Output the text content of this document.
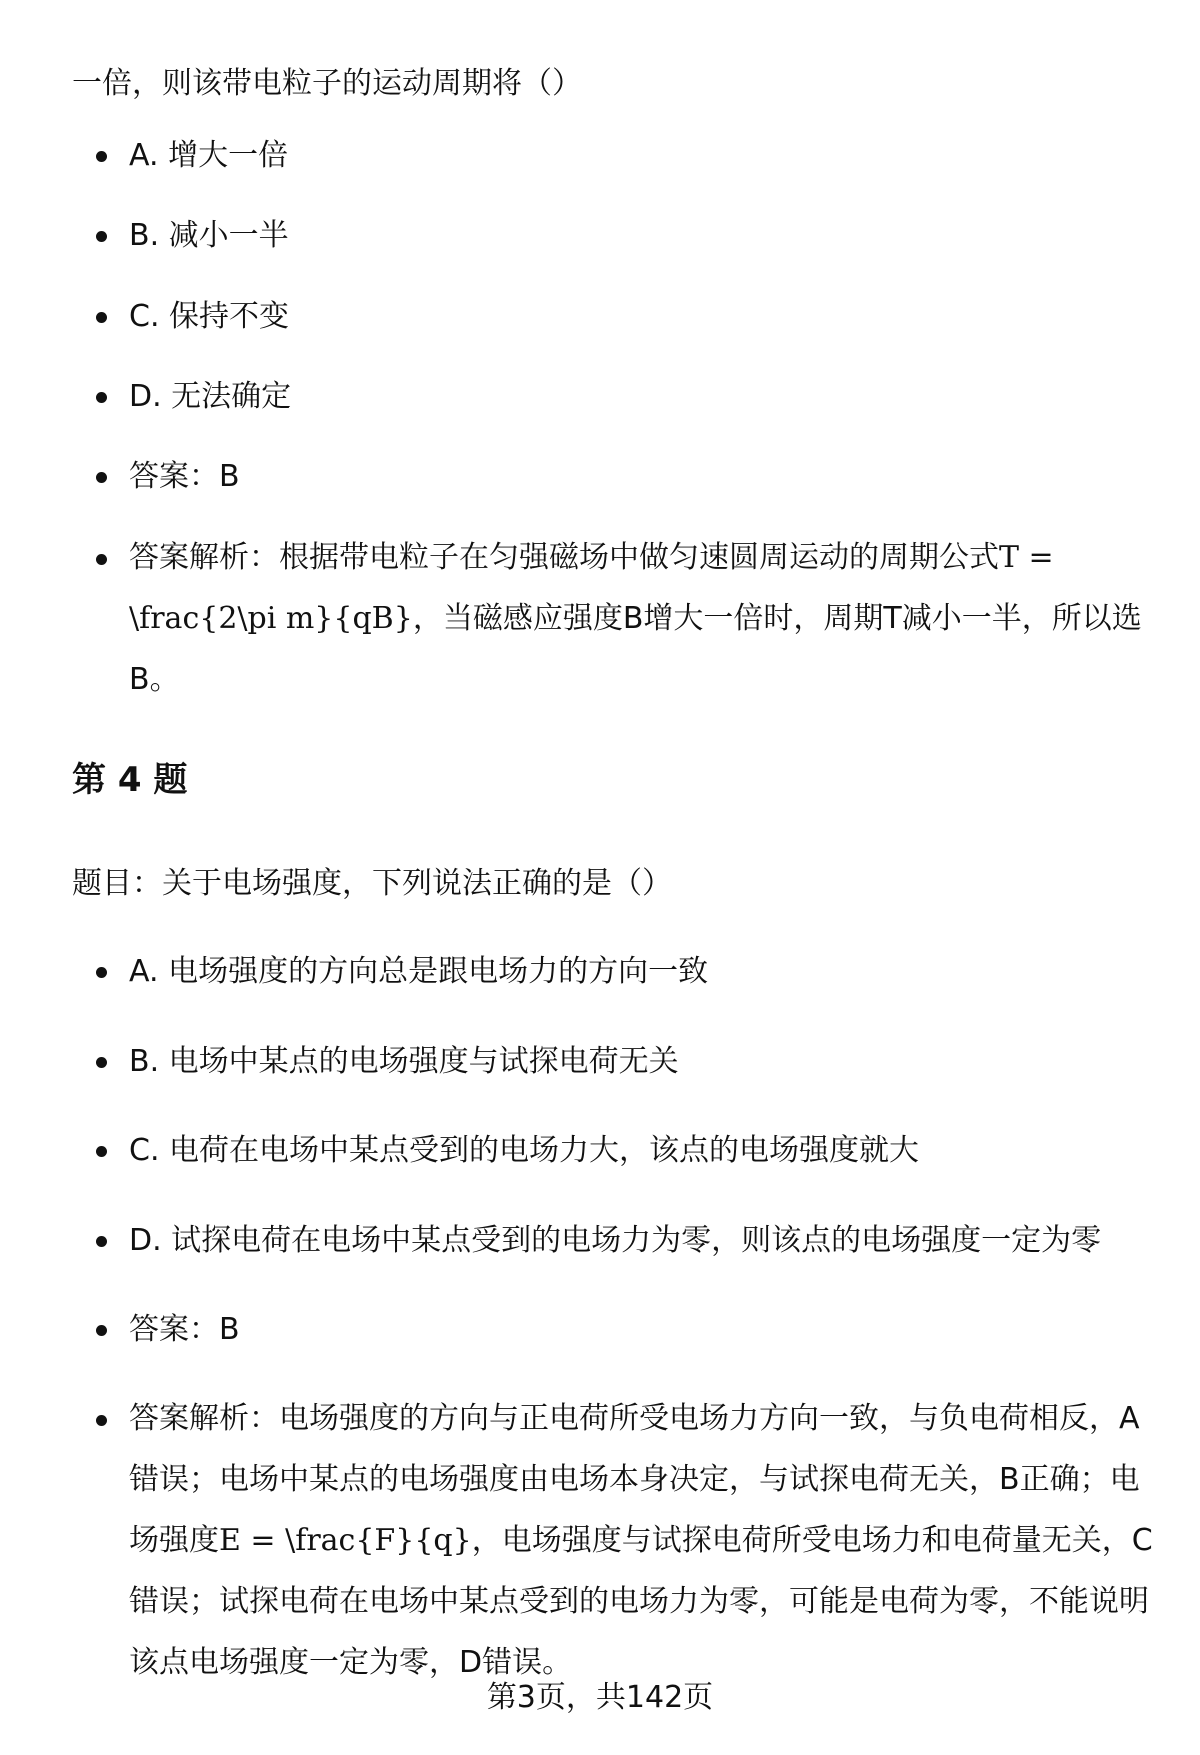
一倍，则该带电粒子的运动周期将（）
A. 增大一倍
B. 减小一半
C. 保持不变
D. 无法确定
答案：B
答案解析：根据带电粒子在匀强磁场中做匀速圆周运动的周期公式T = \frac{2\pi m}{qB}，当磁感应强度B增大一倍时，周期T减小一半，所以选B。
第 4 题
题目：关于电场强度，下列说法正确的是（）
A. 电场强度的方向总是跟电场力的方向一致
B. 电场中某点的电场强度与试探电荷无关
C. 电荷在电场中某点受到的电场力大，该点的电场强度就大
D. 试探电荷在电场中某点受到的电场力为零，则该点的电场强度一定为零
答案：B
答案解析：电场强度的方向与正电荷所受电场力方向一致，与负电荷相反，A错误；电场中某点的电场强度由电场本身决定，与试探电荷无关，B正确；电场强度E = \frac{F}{q}，电场强度与试探电荷所受电场力和电荷量无关，C错误；试探电荷在电场中某点受到的电场力为零，可能是电荷为零，不能说明该点电场强度一定为零，D错误。
第3页，共142页
